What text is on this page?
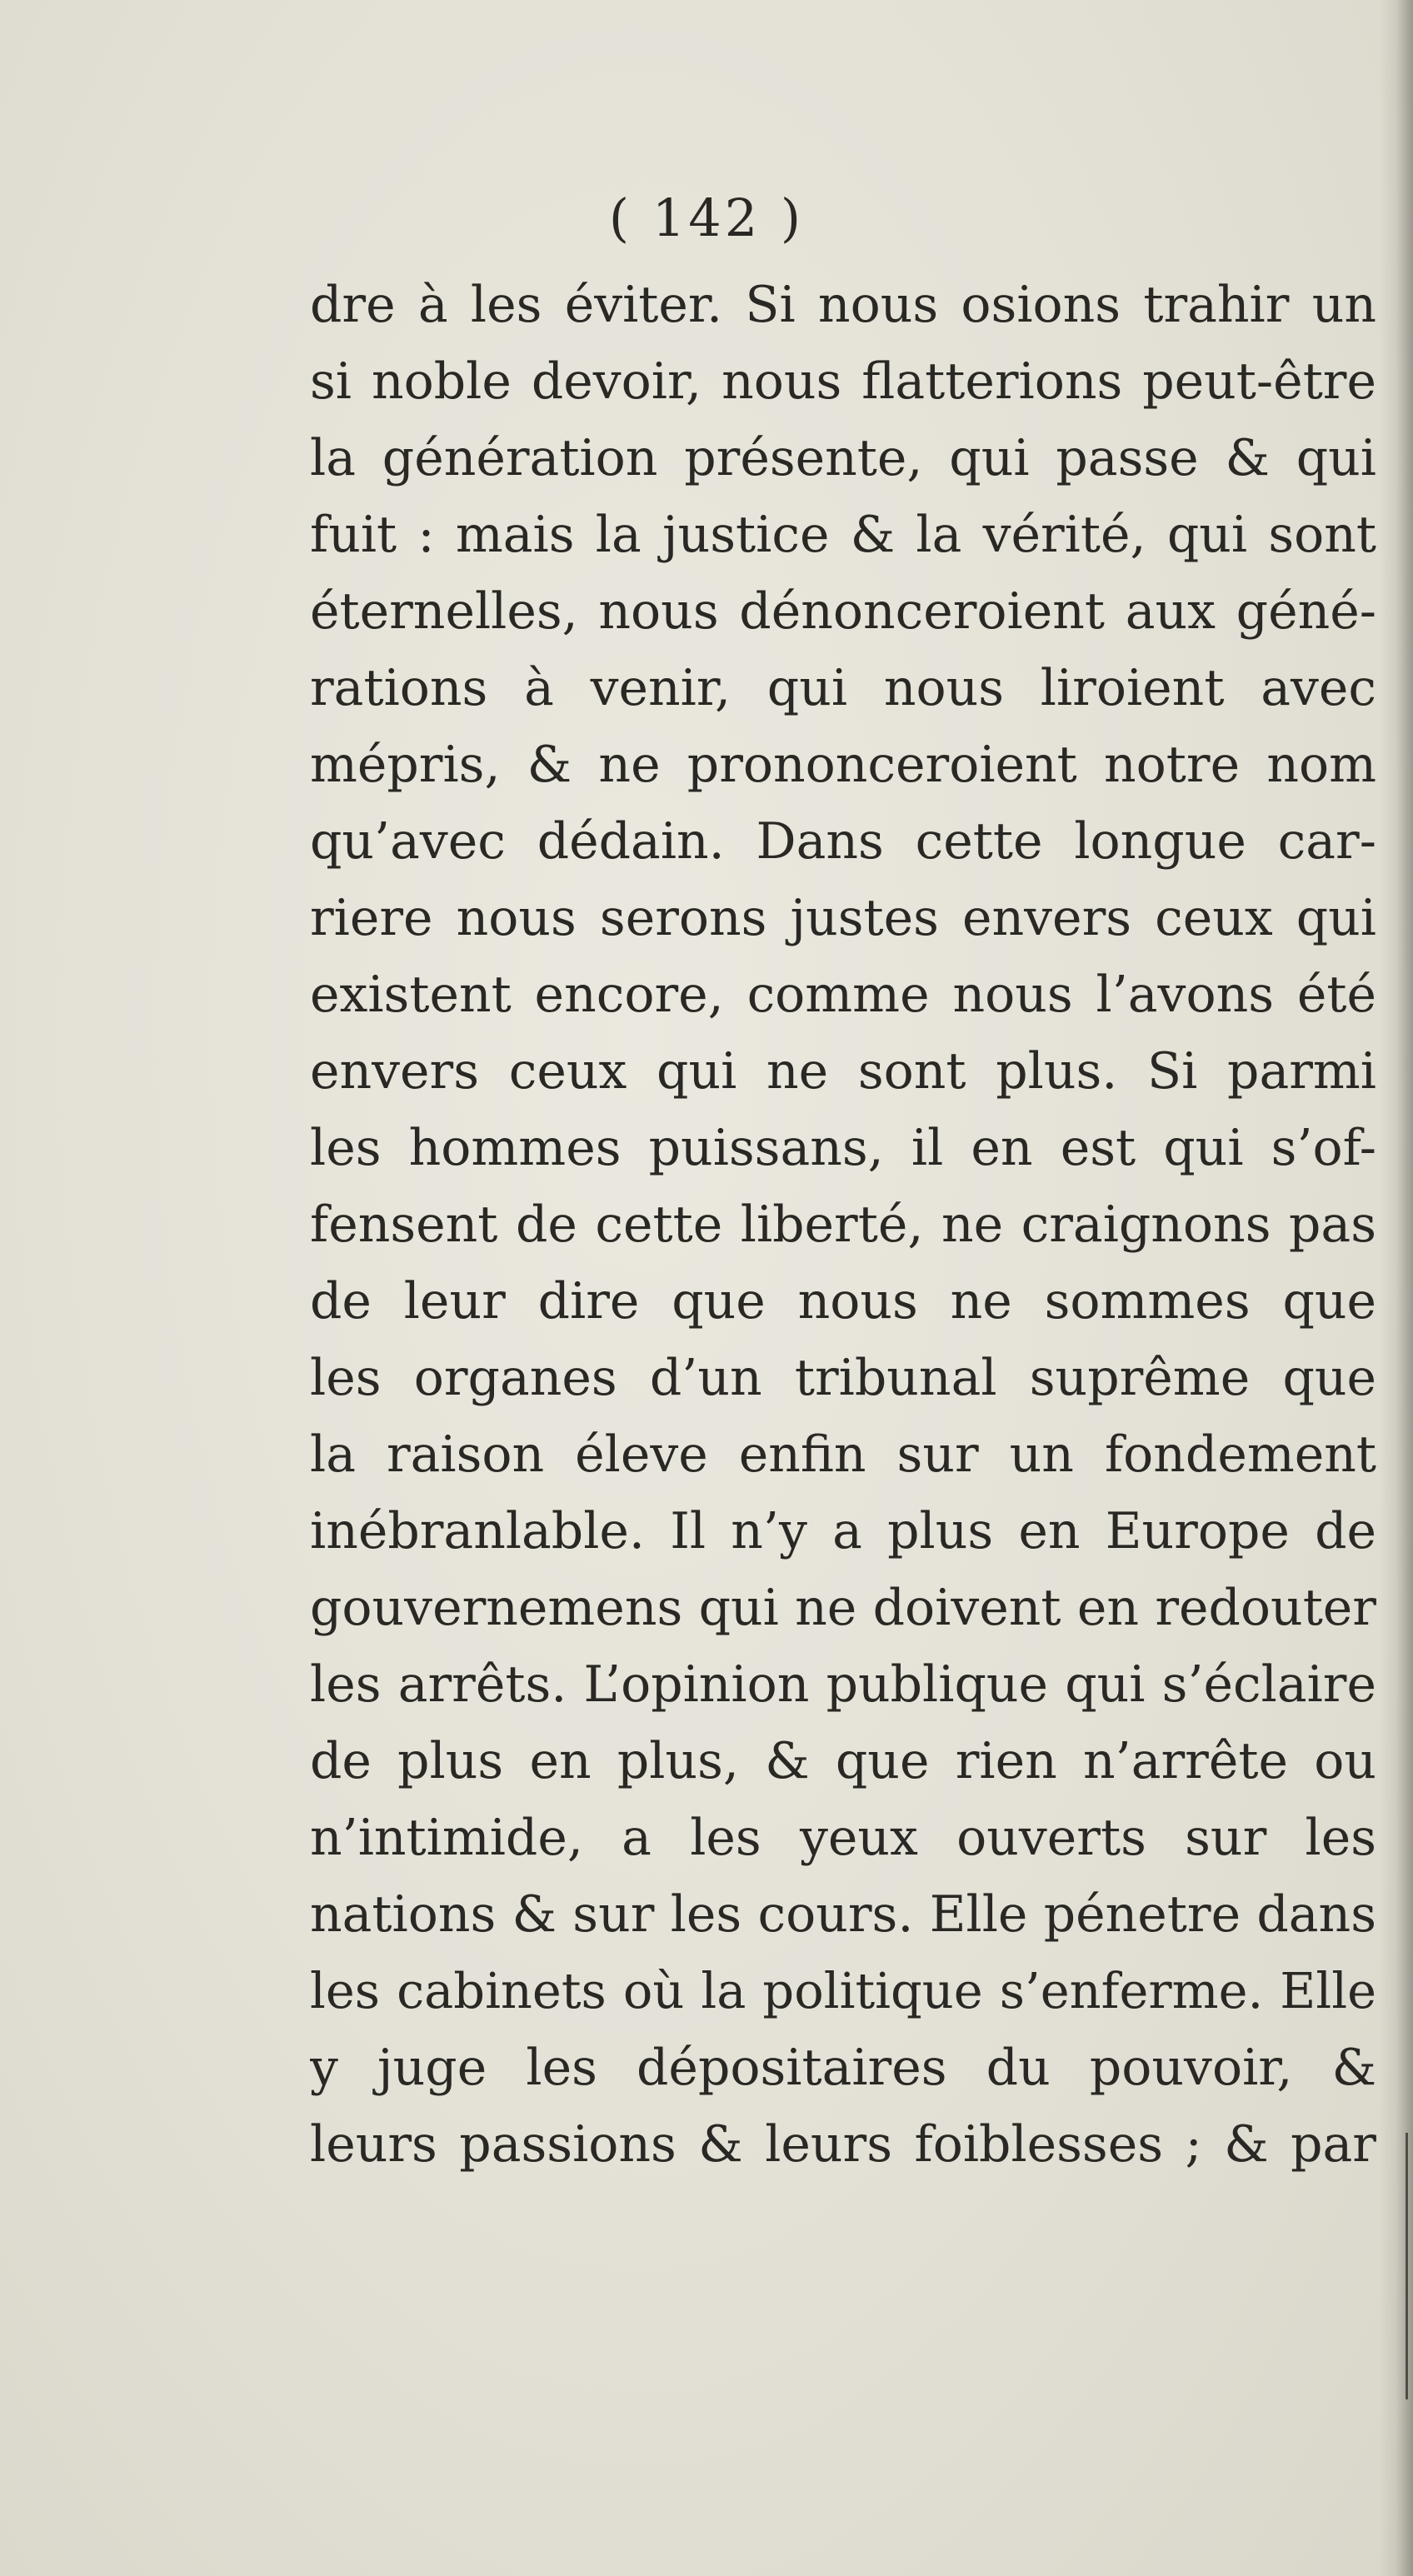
( 142 )
dre à les éviter. Si nous osions trahir un
si noble devoir, nous flatterions peut-être
la génération présente, qui passe & qui
fuit : mais la justice & la vérité, qui sont
éternelles, nous dénonceroient aux géné-
rations à venir, qui nous liroient avec
mépris, & ne prononceroient notre nom
qu’avec dédain. Dans cette longue car-
riere nous serons justes envers ceux qui
existent encore, comme nous l’avons été
envers ceux qui ne sont plus. Si parmi
les hommes puissans, il en est qui s’of-
fensent de cette liberté, ne craignons pas
de leur dire que nous ne sommes que
les organes d’un tribunal suprême que
la raison éleve enfin sur un fondement
inébranlable. Il n’y a plus en Europe de
gouvernemens qui ne doivent en redouter
les arrêts. L’opinion publique qui s’éclaire
de plus en plus, & que rien n’arrête ou
n’intimide, a les yeux ouverts sur les
nations & sur les cours. Elle pénetre dans
les cabinets où la politique s’enferme. Elle
y juge les dépositaires du pouvoir, &
leurs passions & leurs foiblesses ; & par
